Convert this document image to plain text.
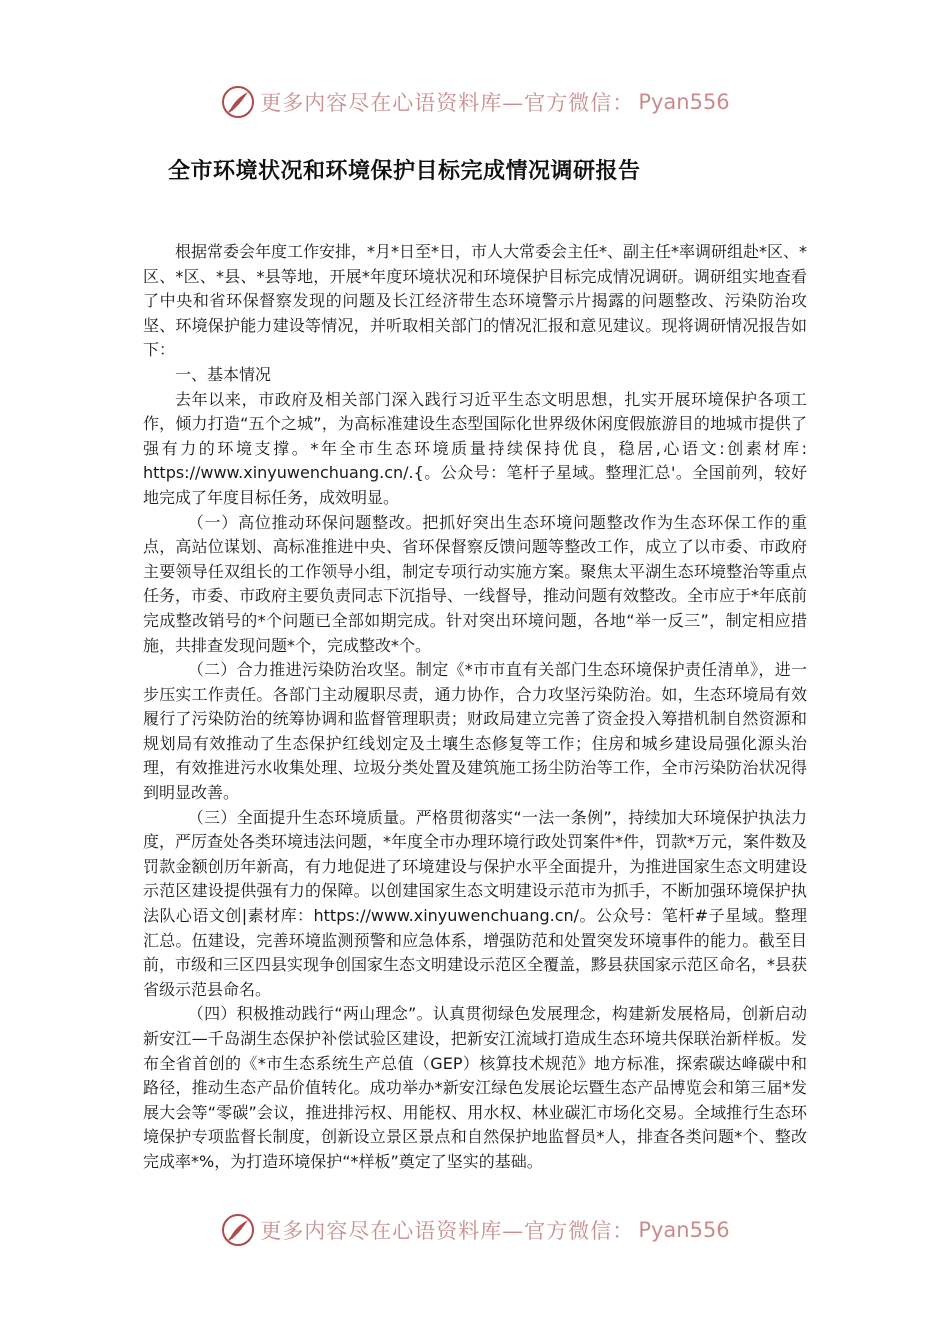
更多内容尽在心语资料库—官方微信： Pyan556
全市环境状况和环境保护目标完成情况调研报告

根据常委会年度工作安排，*月*日至*日，市人大常委会主任*、副主任*率调研组赴*区、*区、*区、*县、*县等地，开展*年度环境状况和环境保护目标完成情况调研。调研组实地查看了中央和省环保督察发现的问题及长江经济带生态环境警示片揭露的问题整改、污染防治攻坚、环境保护能力建设等情况，并听取相关部门的情况汇报和意见建议。现将调研情况报告如下：

一、基本情况

去年以来，市政府及相关部门深入践行习近平生态文明思想，扎实开展环境保护各项工作，倾力打造“五个之城”，为高标准建设生态型国际化世界级休闲度假旅游目的地城市提供了强有力的环境支撑。*年全市生态环境质量持续保持优良，稳居,心语文:创素材库: https://www.xinyuwenchuang.cn/.{。公众号：笔杆子星域。整理汇总'。全国前列，较好地完成了年度目标任务，成效明显。

（一）高位推动环保问题整改。把抓好突出生态环境问题整改作为生态环保工作的重点，高站位谋划、高标准推进中央、省环保督察反馈问题等整改工作，成立了以市委、市政府主要领导任双组长的工作领导小组，制定专项行动实施方案。聚焦太平湖生态环境整治等重点任务，市委、市政府主要负责同志下沉指导、一线督导，推动问题有效整改。全市应于*年底前完成整改销号的*个问题已全部如期完成。针对突出环境问题，各地“举一反三”，制定相应措施，共排查发现问题*个，完成整改*个。

（二）合力推进污染防治攻坚。制定《*市市直有关部门生态环境保护责任清单》，进一步压实工作责任。各部门主动履职尽责，通力协作，合力攻坚污染防治。如，生态环境局有效履行了污染防治的统筹协调和监督管理职责；财政局建立完善了资金投入筹措机制自然资源和规划局有效推动了生态保护红线划定及土壤生态修复等工作；住房和城乡建设局强化源头治理，有效推进污水收集处理、垃圾分类处置及建筑施工扬尘防治等工作，全市污染防治状况得到明显改善。

（三）全面提升生态环境质量。严格贯彻落实“一法一条例”，持续加大环境保护执法力度，严厉查处各类环境违法问题，*年度全市办理环境行政处罚案件*件，罚款*万元，案件数及罚款金额创历年新高，有力地促进了环境建设与保护水平全面提升，为推进国家生态文明建设示范区建设提供强有力的保障。以创建国家生态文明建设示范市为抓手，不断加强环境保护执法队心语文创|素材库：https://www.xinyuwenchuang.cn/。公众号：笔杆#子星域。整理汇总。伍建设，完善环境监测预警和应急体系，增强防范和处置突发环境事件的能力。截至目前，市级和三区四县实现争创国家生态文明建设示范区全覆盖，黟县获国家示范区命名，*县获省级示范县命名。

（四）积极推动践行“两山理念”。认真贯彻绿色发展理念，构建新发展格局，创新启动新安江—千岛湖生态保护补偿试验区建设，把新安江流域打造成生态环境共保联治新样板。发布全省首创的《*市生态系统生产总值（GEP）核算技术规范》地方标准，探索碳达峰碳中和路径，推动生态产品价值转化。成功举办*新安江绿色发展论坛暨生态产品博览会和第三届*发展大会等“零碳”会议，推进排污权、用能权、用水权、林业碳汇市场化交易。全域推行生态环境保护专项监督长制度，创新设立景区景点和自然保护地监督员*人，排查各类问题*个、整改完成率*%，为打造环境保护“*样板”奠定了坚实的基础。

更多内容尽在心语资料库—官方微信： Pyan556
